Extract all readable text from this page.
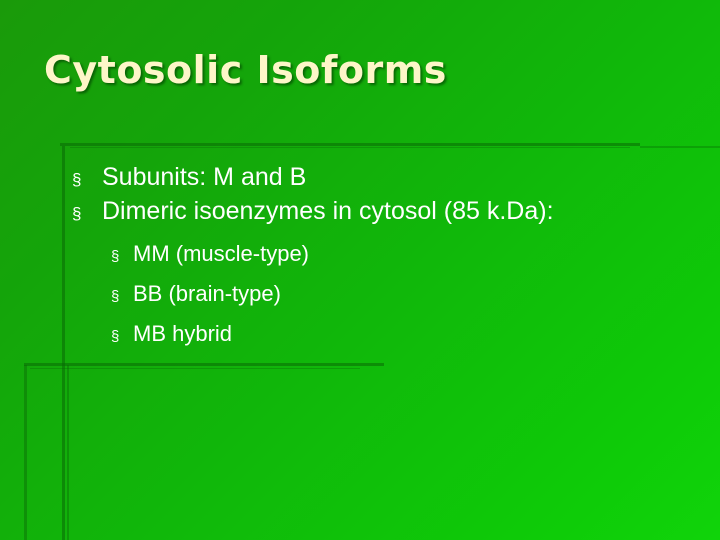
Cytosolic Isoforms
§ Subunits: M and B
§ Dimeric isoenzymes in cytosol (85 k.Da):
§ MM (muscle-type)
§ BB (brain-type)
§ MB hybrid
